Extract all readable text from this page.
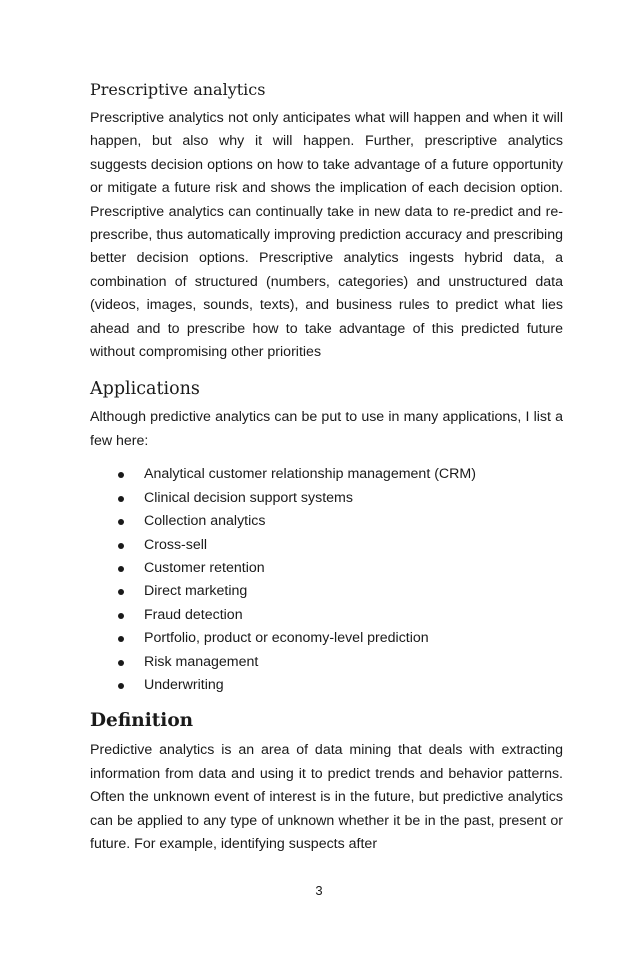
Prescriptive analytics

Prescriptive analytics not only anticipates what will happen and when it will happen, but also why it will happen. Further, prescriptive analytics suggests decision options on how to take advantage of a future opportunity or mitigate a future risk and shows the implication of each decision option. Prescriptive analytics can continually take in new data to re-predict and re-prescribe, thus automatically improving prediction accuracy and prescribing better decision options. Prescriptive analytics ingests hybrid data, a combination of structured (numbers, categories) and unstructured data (videos, images, sounds, texts), and business rules to predict what lies ahead and to prescribe how to take advantage of this predicted future without compromising other priorities

Applications

Although predictive analytics can be put to use in many applications, I list a few here:

Analytical customer relationship management (CRM)
Clinical decision support systems
Collection analytics
Cross-sell
Customer retention
Direct marketing
Fraud detection
Portfolio, product or economy-level prediction
Risk management
Underwriting
Definition

Predictive analytics is an area of data mining that deals with extracting information from data and using it to predict trends and behavior patterns. Often the unknown event of interest is in the future, but predictive analytics can be applied to any type of unknown whether it be in the past, present or future. For example, identifying suspects after

3
